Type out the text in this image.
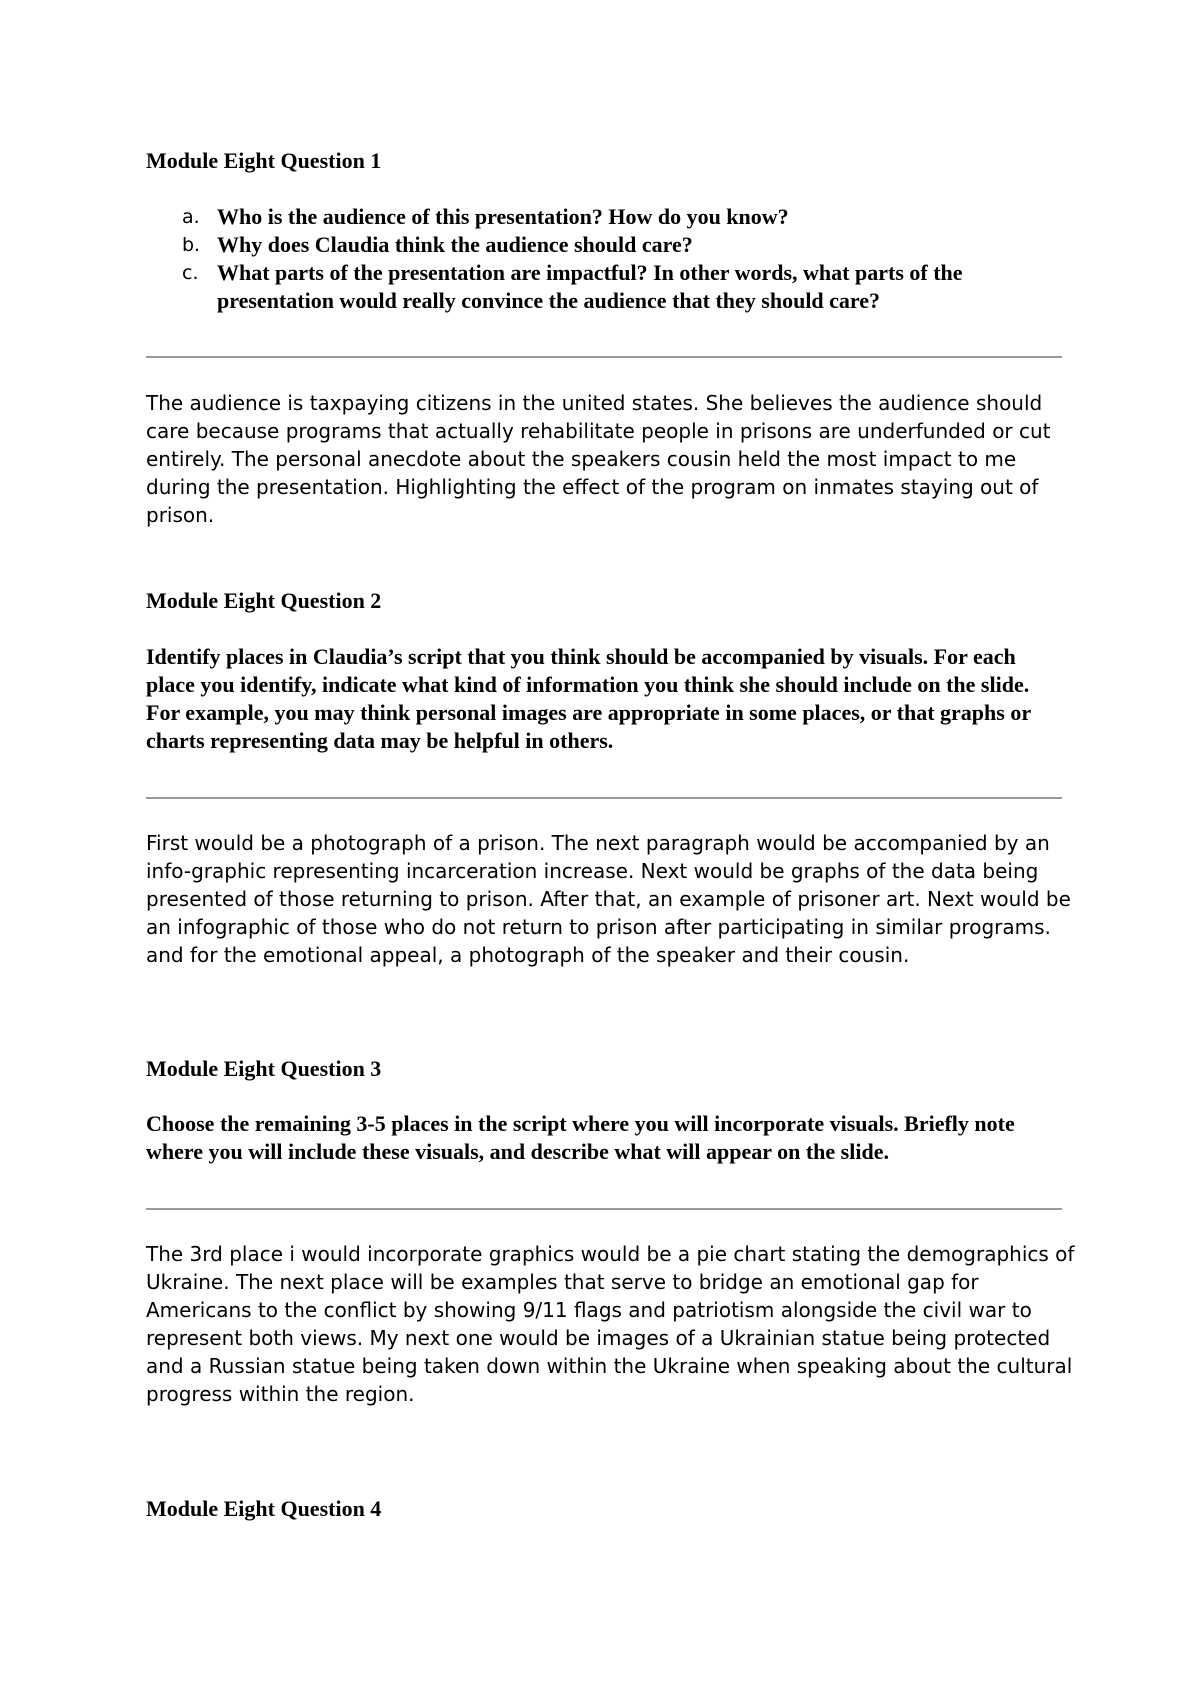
Module Eight Question 1
a. Who is the audience of this presentation? How do you know?
b. Why does Claudia think the audience should care?
c. What parts of the presentation are impactful? In other words, what parts of the presentation would really convince the audience that they should care?

The audience is taxpaying citizens in the united states. She believes the audience should care because programs that actually rehabilitate people in prisons are underfunded or cut entirely. The personal anecdote about the speakers cousin held the most impact to me during the presentation. Highlighting the effect of the program on inmates staying out of prison.

Module Eight Question 2

Identify places in Claudia’s script that you think should be accompanied by visuals. For each place you identify, indicate what kind of information you think she should include on the slide. For example, you may think personal images are appropriate in some places, or that graphs or charts representing data may be helpful in others.

First would be a photograph of a prison. The next paragraph would be accompanied by an info-graphic representing incarceration increase. Next would be graphs of the data being presented of those returning to prison. After that, an example of prisoner art. Next would be an infographic of those who do not return to prison after participating in similar programs. and for the emotional appeal, a photograph of the speaker and their cousin.

Module Eight Question 3

Choose the remaining 3-5 places in the script where you will incorporate visuals. Briefly note where you will include these visuals, and describe what will appear on the slide.

The 3rd place i would incorporate graphics would be a pie chart stating the demographics of Ukraine. The next place will be examples that serve to bridge an emotional gap for Americans to the conflict by showing 9/11 flags and patriotism alongside the civil war to represent both views. My next one would be images of a Ukrainian statue being protected and a Russian statue being taken down within the Ukraine when speaking about the cultural progress within the region.

Module Eight Question 4
